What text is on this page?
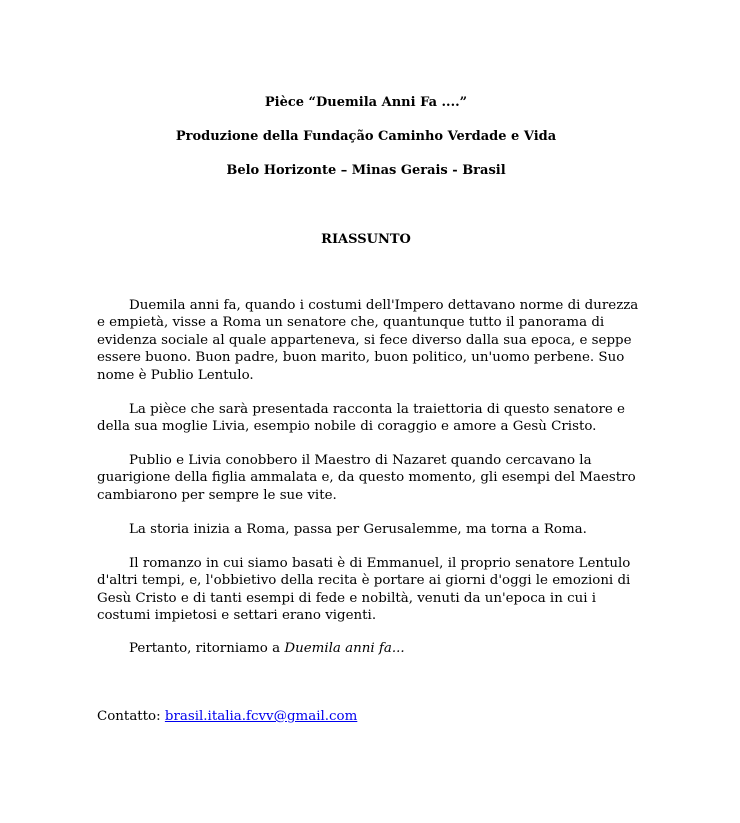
Pièce “Duemila Anni Fa ....”
Produzione della Fundação Caminho Verdade e Vida
Belo Horizonte – Minas Gerais - Brasil
RIASSUNTO
Duemila anni fa, quando i costumi dell'Impero dettavano norme di durezza e empietà, visse a Roma un senatore che, quantunque tutto il panorama di evidenza sociale al quale apparteneva, si fece diverso dalla sua epoca, e seppe essere buono. Buon padre, buon marito, buon politico, un'uomo perbene. Suo nome è Publio Lentulo.
La pièce che sarà presentada racconta la traiettoria di questo senatore e della sua moglie Livia, esempio nobile di coraggio e amore a Gesù Cristo.
Publio e Livia conobbero il Maestro di Nazaret quando cercavano la guarigione della figlia ammalata e, da questo momento, gli esempi del Maestro cambiarono per sempre le sue vite.
La storia inizia a Roma, passa per Gerusalemme, ma torna a Roma.
Il romanzo in cui siamo basati è di Emmanuel, il proprio senatore Lentulo d'altri tempi, e, l'obbietivo della recita è portare ai giorni d'oggi le emozioni di Gesù Cristo e di tanti esempi di fede e nobiltà, venuti da un'epoca in cui i costumi impietosi e settari erano vigenti.
Pertanto, ritorniamo a Duemila anni fa...
Contatto: brasil.italia.fcvv@gmail.com
